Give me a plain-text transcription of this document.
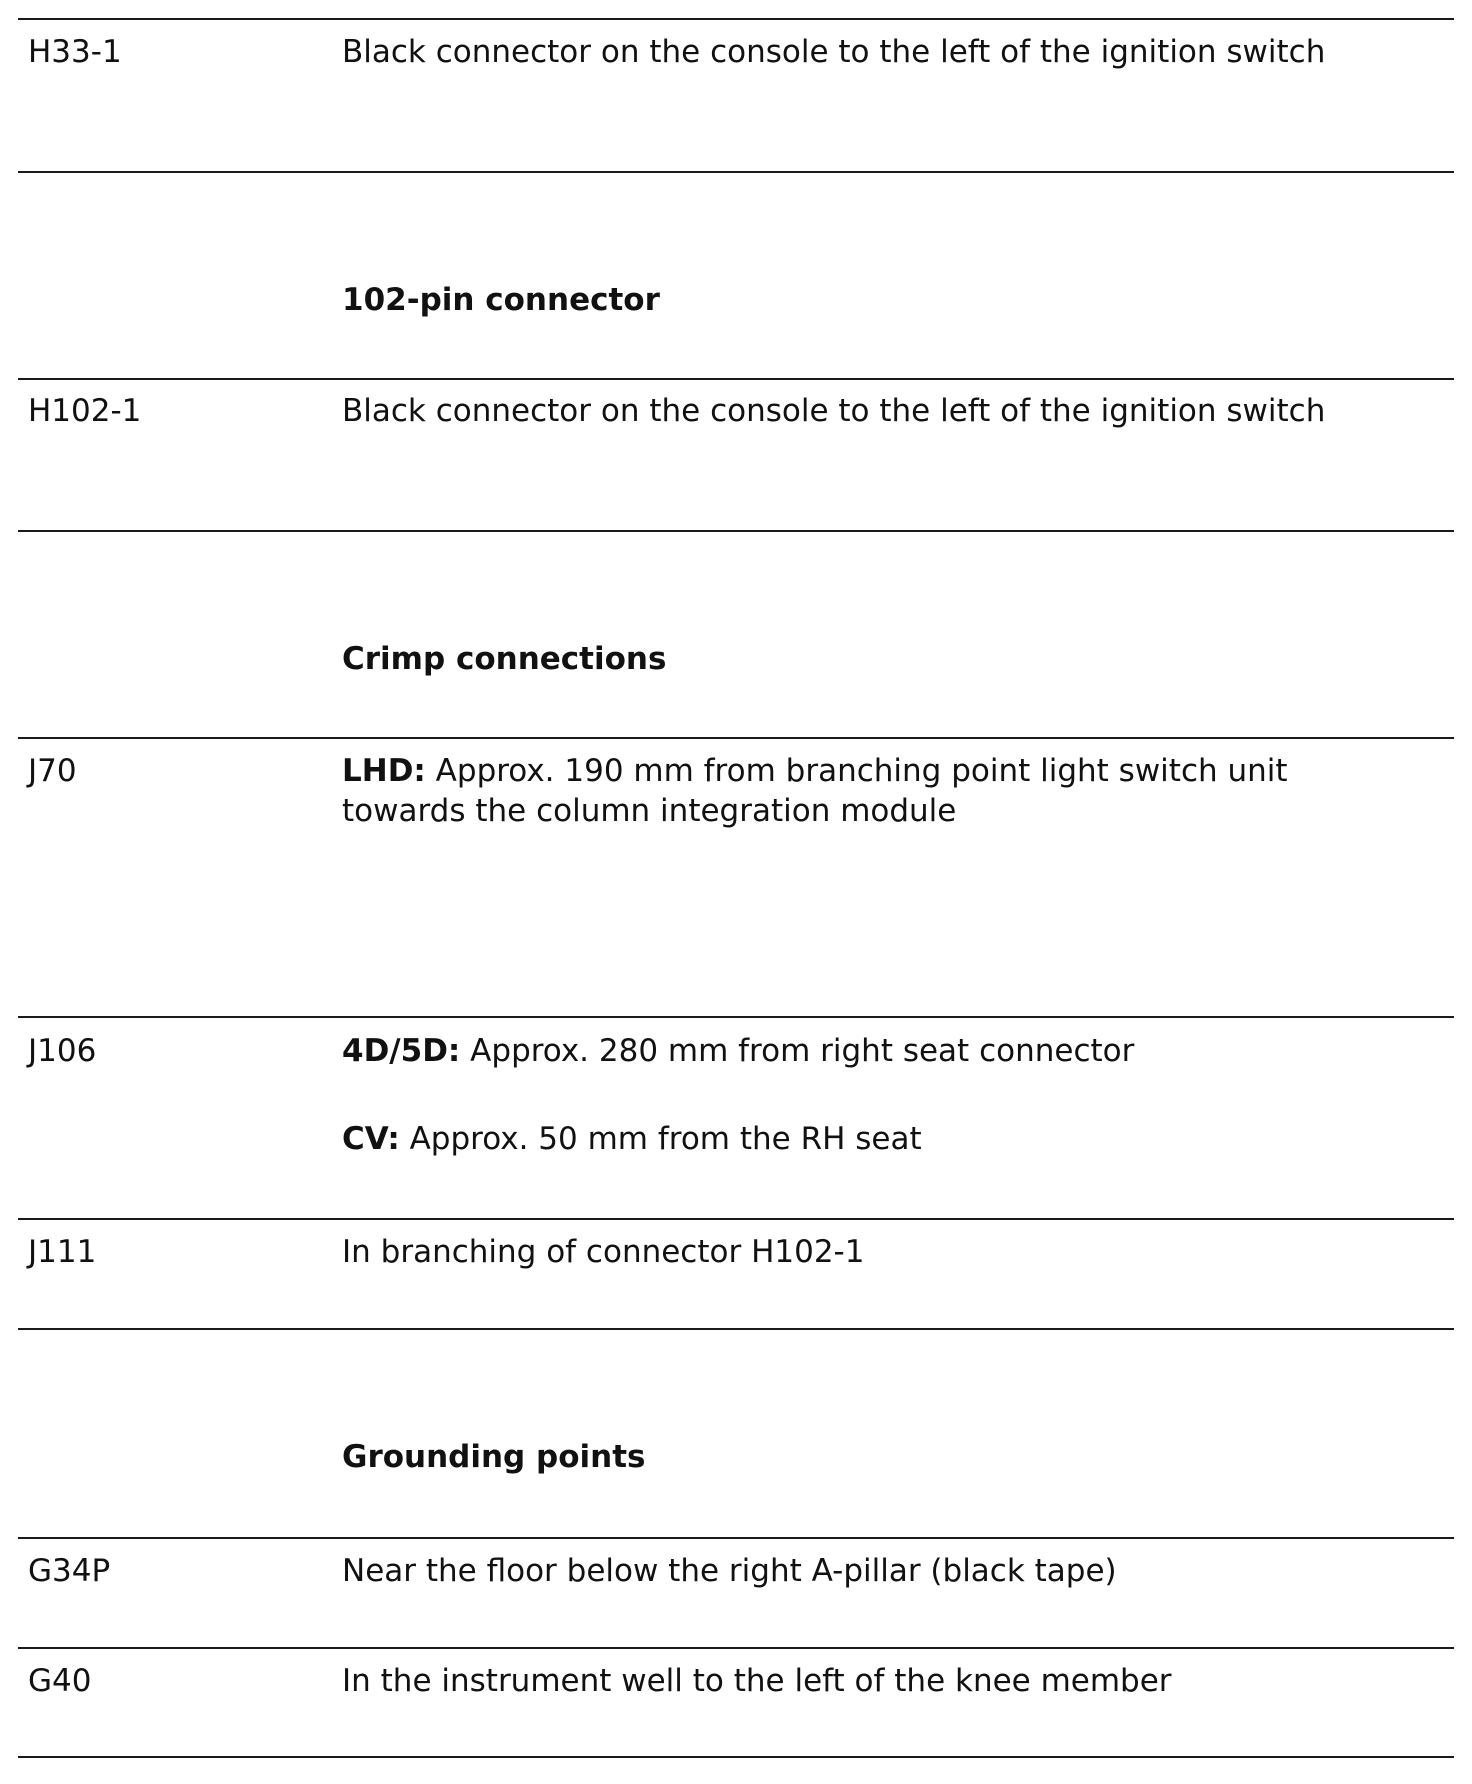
H33-1	Black connector on the console to the left of the ignition switch
102-pin connector
H102-1	Black connector on the console to the left of the ignition switch
Crimp connections
J70	LHD: Approx. 190 mm from branching point light switch unit towards the column integration module
J106	4D/5D: Approx. 280 mm from right seat connector
CV: Approx. 50 mm from the RH seat
J111	In branching of connector H102-1
Grounding points
G34P	Near the floor below the right A-pillar (black tape)
G40	In the instrument well to the left of the knee member
